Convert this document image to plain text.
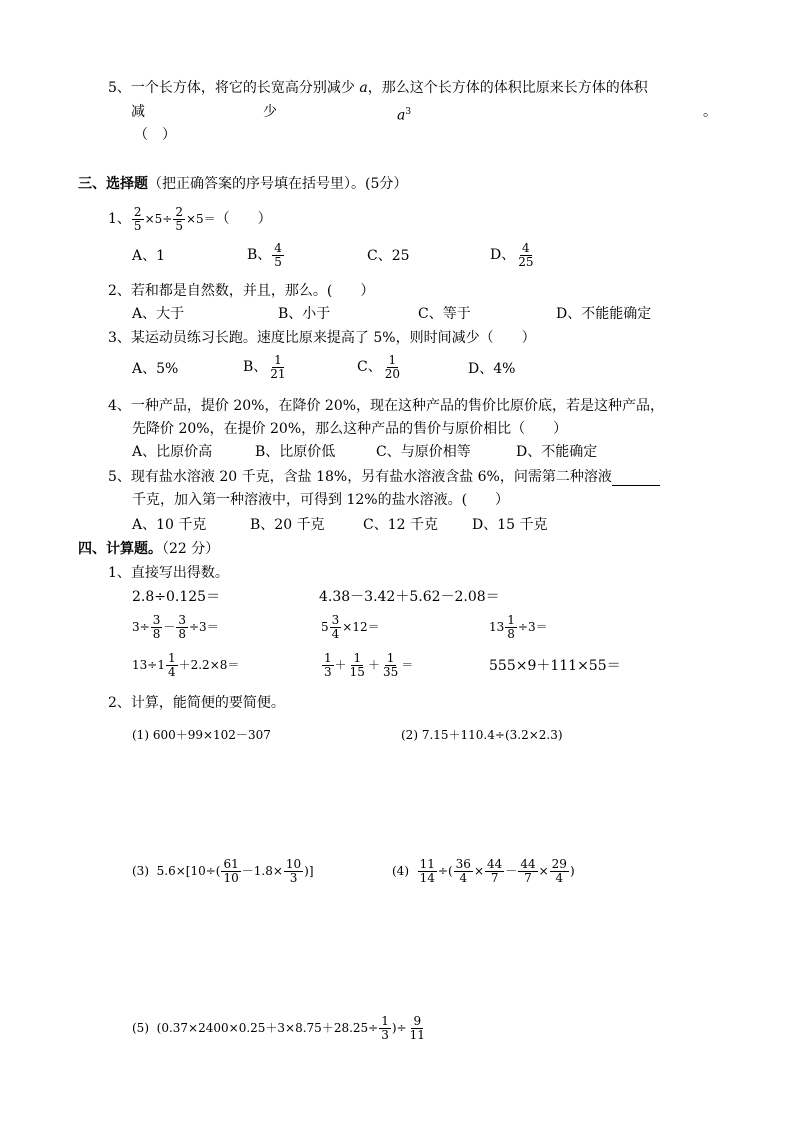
5、一个长方体，将它的长宽高分别减少 a，那么这个长方体的体积比原来长方体的体积
减	少	$a^3$	。
（　）
三、选择题（把正确答案的序号填在括号里）。(5分）
1、 $\frac{2}{5} \times 5\div \frac{2}{5} \times 5=$（　　）
A、1	B、 $\frac{4}{5}$	C、25	D、 $\frac{4}{25}$
2、若和都是自然数，并且，那么。(　　）
A、大于	B、小于	C、等于	D、不能能确定
3、某运动员练习长跑。速度比原来提高了 5%，则时间减少（　　）
A、5%	B、 $\frac{1}{21}$	C、 $\frac{1}{20}$	D、4%
4、一种产品，提价 20%，在降价 20%，现在这种产品的售价比原价底，若是这种产品，
先降价 20%，在提价 20%，那么这种产品的售价与原价相比（　　）
A、比原价高	B、比原价低	C、与原价相等	D、不能确定
5、现有盐水溶液 20 千克，含盐 18%，另有盐水溶液含盐 6%，问需第二种溶液
千克，加入第一种溶液中，可得到 12%的盐水溶液。(　　）
A、10 千克	B、20 千克	C、12 千克 D、15 千克
四、计算题。（22 分）
1、直接写出得数。
2.8÷0.125＝	4.38－3.42＋5.62－2.08＝
$3\div \frac{3}{8} - \frac{3}{8} \div 3=$	$5 \frac{3}{4} \times 12=$	$13 \frac{1}{8} \div 3=$
$13\div 1 \frac{1}{4} +2.2\times 8=$	$\frac{1}{3} + \frac{1}{15} + \frac{1}{35}$ ＝	555×9＋111×55＝
2、计算，能简便的要简便。
(1) 600＋99×102－307	(2) 7.15＋110.4÷(3.2×2.3)
(3) $5.6\times[10\div( \frac{61}{10} -1.8\times \frac{10}{3}$ )]	$(4) \frac{11}{14}$ ÷( $\frac{36}{4} \times \frac{44}{7} - \frac{44}{7} \times \frac{29}{4}$ )
(5) ($0.37\times 2400\times 0.25+3\times 8.75+28.25\div \frac{1}{3}$ )÷ $\frac{9}{11}$
